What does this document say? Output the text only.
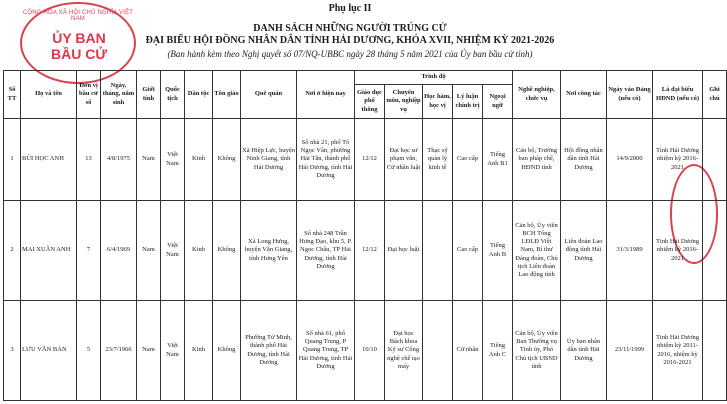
CỘNG HÒA XÃ HỘI CHỦ NGHĨA VIỆT NAM
ỦY BAN
BẦU CỬ
Phụ lục II
DANH SÁCH NHỮNG NGƯỜI TRÚNG CỬ
ĐẠI BIỂU HỘI ĐỒNG NHÂN DÂN TỈNH HẢI DƯƠNG, KHÓA XVII, NHIỆM KỲ 2021-2026
(Ban hành kèm theo Nghị quyết số 07/NQ-UBBC ngày 28 tháng 5 năm 2021 của Ủy ban bầu cử tỉnh)
Số TT	Họ và tên	Đơn vị bầu cử số	Ngày, tháng, năm sinh	Giới tính	Quốc tịch	Dân tộc	Tôn giáo	Quê quán	Nơi ở hiện nay	Trình độ					Nghề nghiệp, chức vụ	Nơi công tác	Ngày vào Đảng (nếu có)	Là đại biểu HĐND (nếu có)	Ghi chú
										Giáo dục phổ thông	Chuyên môn, nghiệp vụ	Học hàm, học vị	Lý luận chính trị	Ngoại ngữ					
1	BÙI HỌC ANH	13	4/8/1975	Nam	Việt Nam	Kinh	Không	Xã Hiệp Lực, huyện Ninh Giang, tỉnh Hải Dương	Số nhà 21, phố Tô Ngọc Vân, phường Hải Tân, thành phố Hải Dương, tỉnh Hải Dương	12/12	Đại học sư phạm văn, Cử nhân luật	Thạc sỹ quản lý kinh tế	Cao cấp	Tiếng Anh B1	Cán bộ, Trưởng ban pháp chế, HĐND tỉnh	Hội đồng nhân dân tỉnh Hải Dương	14/9/2000	Tỉnh Hải Dương nhiệm kỳ 2016-2021	
2	MAI XUÂN ANH	7	6/4/1969	Nam	Việt Nam	Kinh	Không	Xã Long Hưng, huyện Văn Giang, tỉnh Hưng Yên	Số nhà 248 Trần Hưng Đạo, khu 5, P. Ngọc Châu, TP Hải Dương, tỉnh Hải Dương	12/12	Đại học luật		Cao cấp	Tiếng Anh B	Cán bộ, Ủy viên BCH Tổng LĐLĐ Việt Nam, Bí thư Đảng đoàn, Chủ tịch Liên đoàn Lao động tỉnh	Liên đoàn Lao động tỉnh Hải Dương	31/3/1989	Tỉnh Hải Dương nhiệm kỳ 2016-2021	
3	LƯU VĂN BẢN	5	23/7/1966	Nam	Việt Nam	Kinh	Không	Phường Tứ Minh, thành phố Hải Dương, tỉnh Hải Dương	Số nhà 61, phố Quang Trung, P Quang Trung, TP Hải Dương, tỉnh Hải Dương	10/10	Đại học Bách khoa Kỹ sư Công nghệ chế tạo máy		Cử nhân	Tiếng Anh C	Cán bộ, Ủy viên Ban Thường vụ Tỉnh ủy, Phó Chủ tịch UBND tỉnh	Ủy ban nhân dân tỉnh Hải Dương	23/11/1999	Tỉnh Hải Dương nhiệm kỳ 2011-2016, nhiệm kỳ 2016-2021	
